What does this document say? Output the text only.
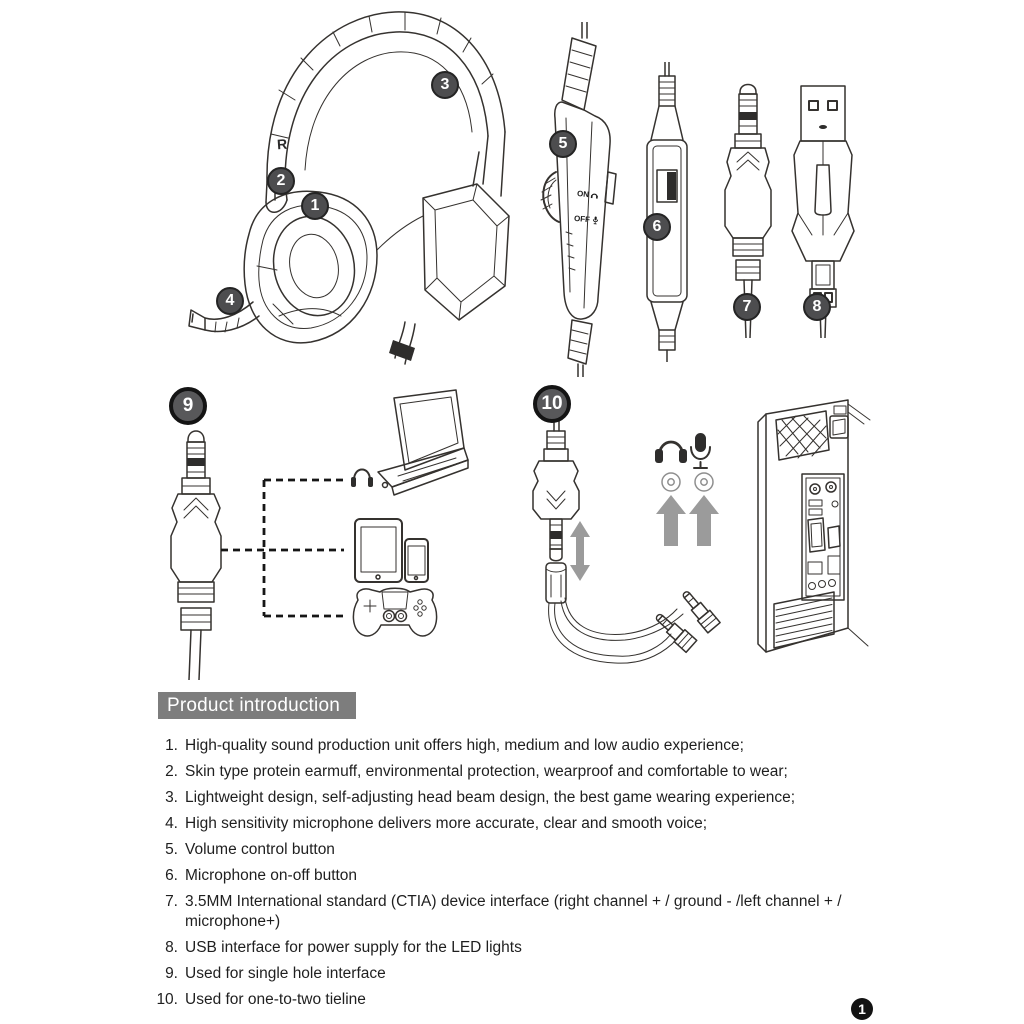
R
ON
OFF
1
2
3
4
5
6
7	8
9	10
Product introduction
1. High-quality sound production unit offers high, medium and low audio experience;
2. Skin type protein earmuff, environmental protection, wearproof and comfortable to wear;
3. Lightweight design, self-adjusting head beam design, the best game wearing experience;
4. High sensitivity microphone delivers more accurate, clear and smooth voice;
5. Volume control button
6. Microphone on-off button
7. 3.5MM International standard (CTIA) device interface (right channel + / ground - /left channel + / microphone+)
8. USB interface for power supply for the LED lights
9. Used for single hole interface
10. Used for one-to-two tieline
1
